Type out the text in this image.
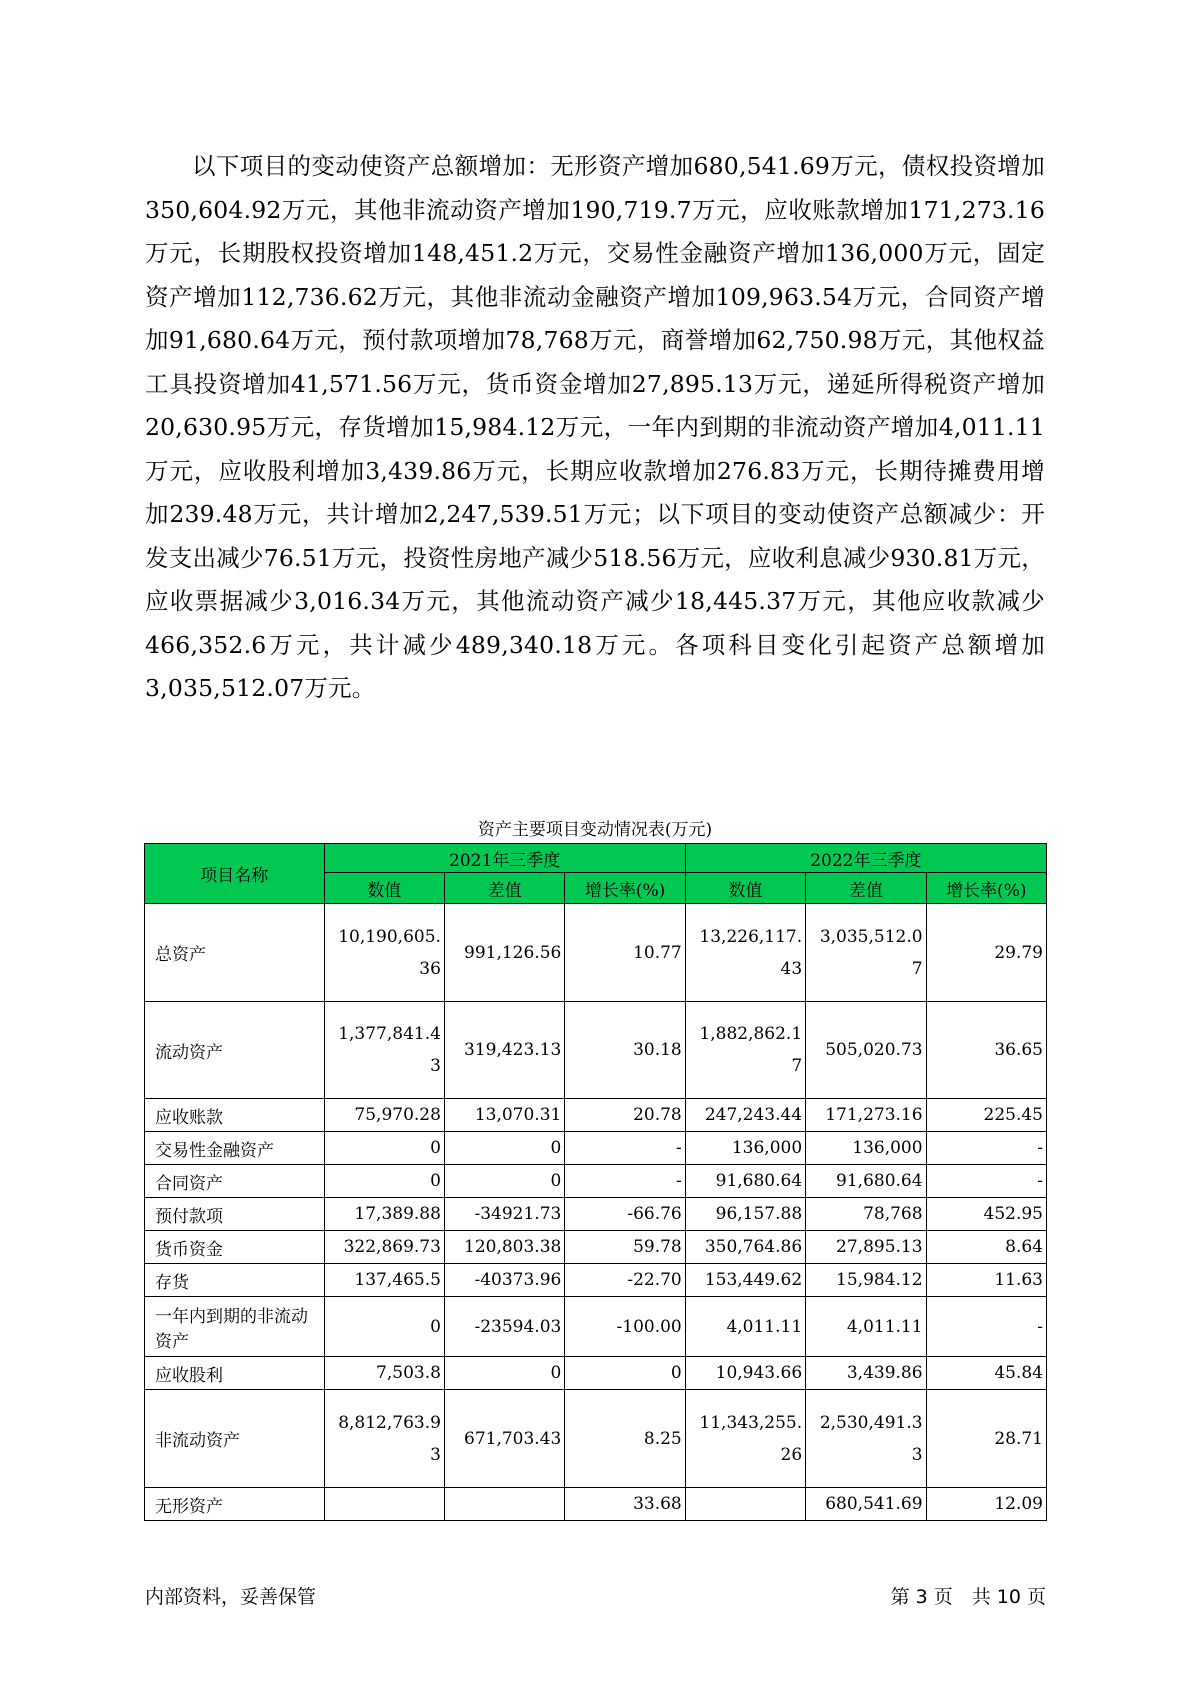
以下项目的变动使资产总额增加：无形资产增加680,541.69万元，债权投资增加350,604.92万元，其他非流动资产增加190,719.7万元，应收账款增加171,273.16万元，长期股权投资增加148,451.2万元，交易性金融资产增加136,000万元，固定资产增加112,736.62万元，其他非流动金融资产增加109,963.54万元，合同资产增加91,680.64万元，预付款项增加78,768万元，商誉增加62,750.98万元，其他权益工具投资增加41,571.56万元，货币资金增加27,895.13万元，递延所得税资产增加20,630.95万元，存货增加15,984.12万元，一年内到期的非流动资产增加4,011.11万元，应收股利增加3,439.86万元，长期应收款增加276.83万元，长期待摊费用增加239.48万元，共计增加2,247,539.51万元；以下项目的变动使资产总额减少：开发支出减少76.51万元，投资性房地产减少518.56万元，应收利息减少930.81万元，应收票据减少3,016.34万元，其他流动资产减少18,445.37万元，其他应收款减少466,352.6万元，共计减少489,340.18万元。各项科目变化引起资产总额增加3,035,512.07万元。

资产主要项目变动情况表(万元)
项目名称	2021年三季度			2022年三季度		
	数值	差值	增长率(%)	数值	差值	增长率(%)
总资产	10,190,605.36	991,126.56	10.77	13,226,117.43	3,035,512.07	29.79
流动资产	1,377,841.43	319,423.13	30.18	1,882,862.17	505,020.73	36.65
应收账款	75,970.28	13,070.31	20.78	247,243.44	171,273.16	225.45
交易性金融资产	0	0	-	136,000	136,000	-
合同资产	0	0	-	91,680.64	91,680.64	-
预付款项	17,389.88	-34921.73	-66.76	96,157.88	78,768	452.95
货币资金	322,869.73	120,803.38	59.78	350,764.86	27,895.13	8.64
存货	137,465.5	-40373.96	-22.70	153,449.62	15,984.12	11.63
一年内到期的非流动资产	0	-23594.03	-100.00	4,011.11	4,011.11	-
应收股利	7,503.8	0	0	10,943.66	3,439.86	45.84
非流动资产	8,812,763.93	671,703.43	8.25	11,343,255.26	2,530,491.33	28.71
无形资产			33.68		680,541.69	12.09
内部资料，妥善保管	第 3 页　共 10 页
